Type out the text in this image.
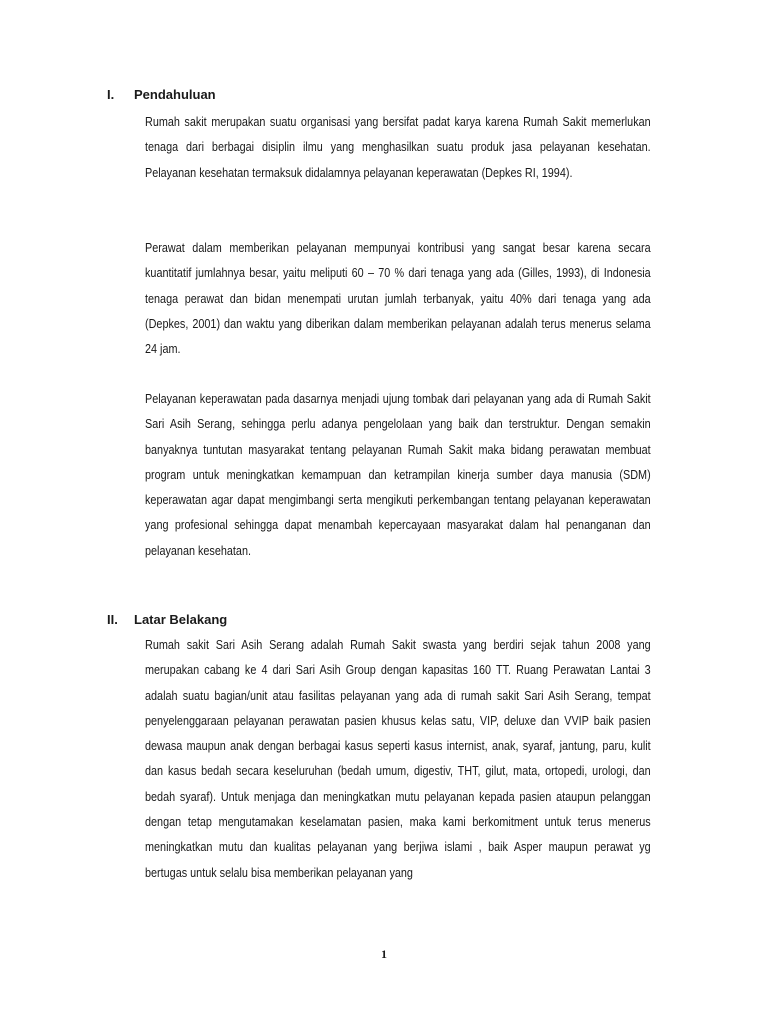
I. Pendahuluan

Rumah sakit merupakan suatu organisasi yang bersifat padat karya karena Rumah Sakit memerlukan tenaga dari berbagai disiplin ilmu yang menghasilkan suatu produk jasa pelayanan kesehatan. Pelayanan kesehatan termaksuk didalamnya pelayanan keperawatan (Depkes RI, 1994).

Perawat dalam memberikan pelayanan mempunyai kontribusi yang sangat besar karena secara kuantitatif jumlahnya besar, yaitu meliputi 60 – 70 % dari tenaga yang ada (Gilles, 1993), di Indonesia tenaga perawat dan bidan menempati urutan jumlah terbanyak, yaitu 40% dari tenaga yang ada (Depkes, 2001) dan waktu yang diberikan dalam memberikan pelayanan adalah terus menerus selama 24 jam.

Pelayanan keperawatan pada dasarnya menjadi ujung tombak dari pelayanan yang ada di Rumah Sakit Sari Asih Serang, sehingga perlu adanya pengelolaan yang baik dan terstruktur. Dengan semakin banyaknya tuntutan masyarakat tentang pelayanan Rumah Sakit maka bidang perawatan membuat program untuk meningkatkan kemampuan dan ketrampilan kinerja sumber daya manusia (SDM) keperawatan agar dapat mengimbangi serta mengikuti perkembangan tentang pelayanan keperawatan yang profesional sehingga dapat menambah kepercayaan masyarakat dalam hal penanganan dan pelayanan kesehatan.

II. Latar Belakang

Rumah sakit Sari Asih Serang adalah Rumah Sakit swasta yang berdiri sejak tahun 2008 yang merupakan cabang ke 4 dari Sari Asih Group dengan kapasitas 160 TT. Ruang Perawatan Lantai 3 adalah suatu bagian/unit atau fasilitas pelayanan yang ada di rumah sakit Sari Asih Serang, tempat penyelenggaraan pelayanan perawatan pasien khusus kelas satu, VIP, deluxe dan VVIP baik pasien dewasa maupun anak dengan berbagai kasus seperti kasus internist, anak, syaraf, jantung, paru, kulit dan kasus bedah secara keseluruhan (bedah umum, digestiv, THT, gilut, mata, ortopedi, urologi, dan bedah syaraf). Untuk menjaga dan meningkatkan mutu pelayanan kepada pasien ataupun pelanggan dengan tetap mengutamakan keselamatan pasien, maka kami berkomitment untuk terus menerus meningkatkan mutu dan kualitas pelayanan yang berjiwa islami , baik Asper maupun perawat yg bertugas untuk selalu bisa memberikan pelayanan yang

1
